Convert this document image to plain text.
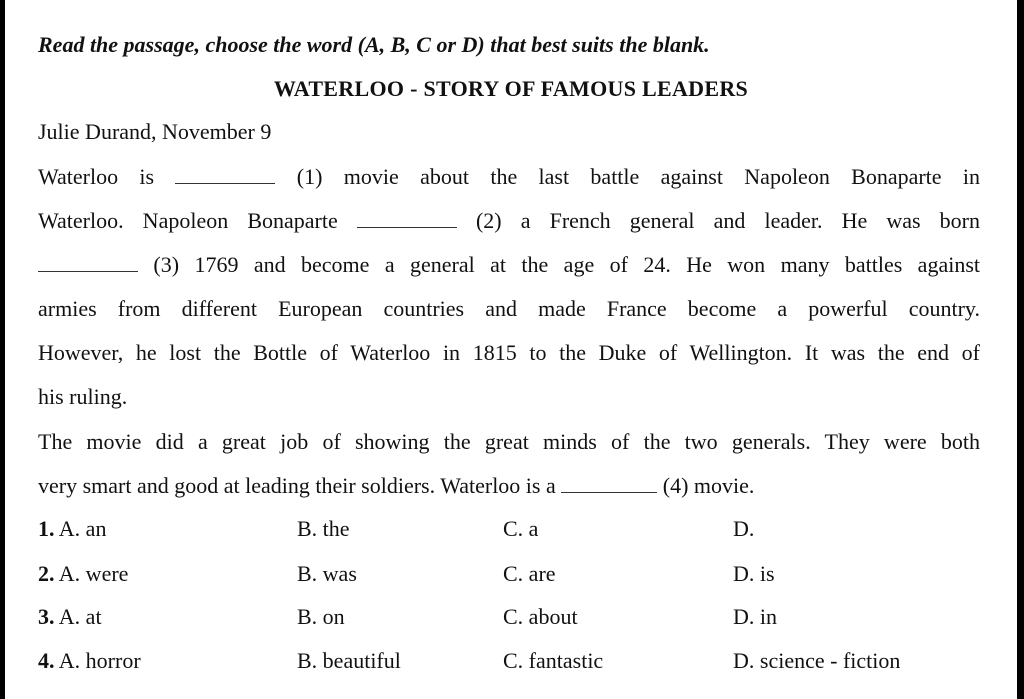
Read the passage, choose the word (A, B, C or D) that best suits the blank.
WATERLOO - STORY OF FAMOUS LEADERS
Julie Durand, November 9
Waterloo is	(1) movie about the last battle against Napoleon Bonaparte in
Waterloo. Napoleon Bonaparte	(2) a French general and leader. He was born
(3) 1769 and become a general at the age of 24. He won many battles against
armies from different European countries and made France become a powerful country.
However, he lost the Bottle of Waterloo in 1815 to the Duke of Wellington. It was the end of
his ruling.
The movie did a great job of showing the great minds of the two generals. They were both
very smart and good at leading their soldiers. Waterloo is a	(4) movie.
1. A. an	B. the	C. a	D.
2. A. were	B. was	C. are	D. is
3. A. at	B. on	C. about	D. in
4. A. horror	B. beautiful	C. fantastic	D. science - fiction
